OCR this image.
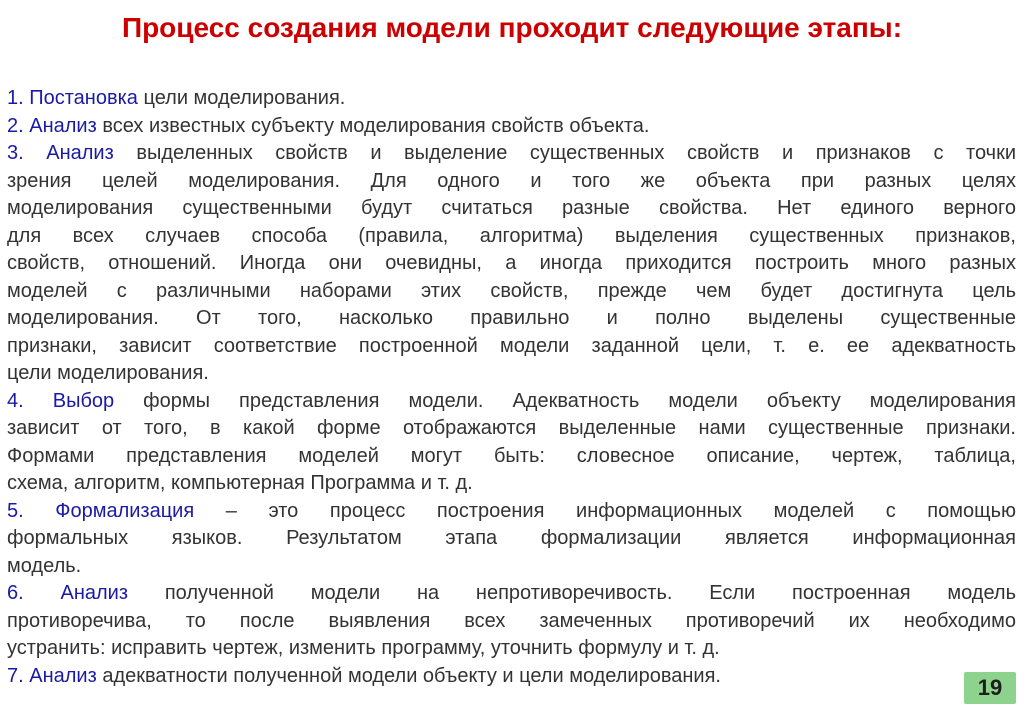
Процесс создания модели проходит следующие этапы:
1. Постановка цели моделирования.
2. Анализ всех известных субъекту моделирования свойств объекта.
3. Анализ выделенных свойств и выделение существенных свойств и признаков с точки
зрения целей моделирования. Для одного и того же объекта при разных целях
моделирования существенными будут считаться разные свойства. Нет единого верного
для всех случаев способа (правила, алгоритма) выделения существенных признаков,
свойств, отношений. Иногда они очевидны, а иногда приходится построить много разных
моделей с различными наборами этих свойств, прежде чем будет достигнута цель
моделирования. От того, насколько правильно и полно выделены существенные
признаки, зависит соответствие построенной модели заданной цели, т. е. ее адекватность
цели моделирования.
4. Выбор формы представления модели. Адекватность модели объекту моделирования
зависит от того, в какой форме отображаются выделенные нами существенные признаки.
Формами представления моделей могут быть: словесное описание, чертеж, таблица,
схема, алгоритм, компьютерная Программа и т. д.
5. Формализация – это процесс построения информационных моделей с помощью
формальных языков. Результатом этапа формализации является информационная
модель.
6. Анализ полученной модели на непротиворечивость. Если построенная модель
противоречива, то после выявления всех замеченных противоречий их необходимо
устранить: исправить чертеж, изменить программу, уточнить формулу и т. д.
7. Анализ адекватности полученной модели объекту и цели моделирования.	19
